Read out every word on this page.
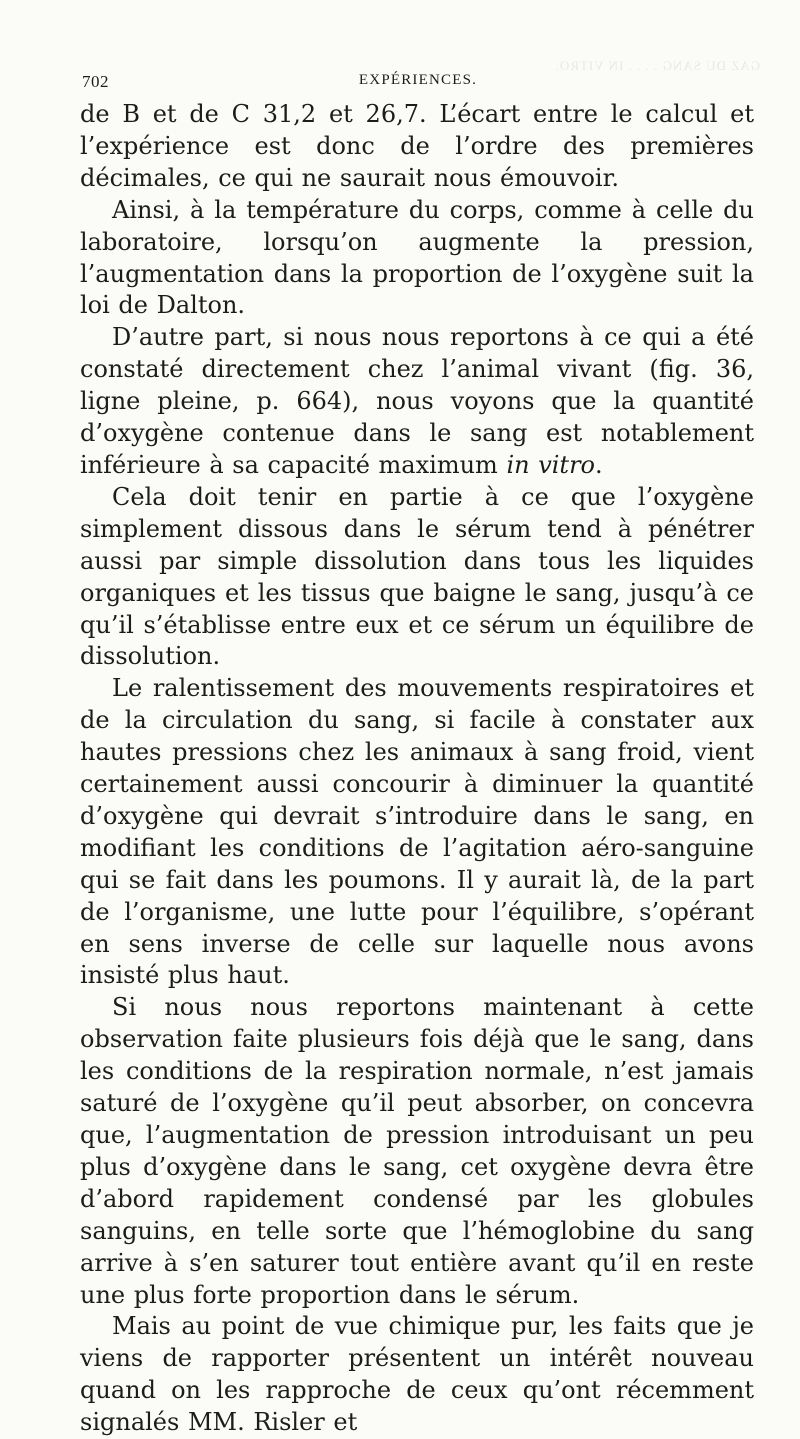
GAZ DU SANG . . . . IN VITRO.
702	EXPÉRIENCES.

de B et de C 31,2 et 26,7. L’écart entre le calcul et l’expérience est donc de l’ordre des premières décimales, ce qui ne saurait nous émouvoir.

Ainsi, à la température du corps, comme à celle du laboratoire, lorsqu’on augmente la pression, l’augmentation dans la proportion de l’oxygène suit la loi de Dalton.

D’autre part, si nous nous reportons à ce qui a été constaté directement chez l’animal vivant (fig. 36, ligne pleine, p. 664), nous voyons que la quantité d’oxygène contenue dans le sang est notablement inférieure à sa capacité maximum in vitro.

Cela doit tenir en partie à ce que l’oxygène simplement dissous dans le sérum tend à pénétrer aussi par simple dissolution dans tous les liquides organiques et les tissus que baigne le sang, jusqu’à ce qu’il s’établisse entre eux et ce sérum un équilibre de dissolution.

Le ralentissement des mouvements respiratoires et de la circulation du sang, si facile à constater aux hautes pressions chez les animaux à sang froid, vient certainement aussi concourir à diminuer la quantité d’oxygène qui devrait s’introduire dans le sang, en modifiant les conditions de l’agitation aéro-sanguine qui se fait dans les poumons. Il y aurait là, de la part de l’organisme, une lutte pour l’équilibre, s’opérant en sens inverse de celle sur laquelle nous avons insisté plus haut.

Si nous nous reportons maintenant à cette observation faite plusieurs fois déjà que le sang, dans les conditions de la respiration normale, n’est jamais saturé de l’oxygène qu’il peut absorber, on concevra que, l’augmentation de pression introduisant un peu plus d’oxygène dans le sang, cet oxygène devra être d’abord rapidement condensé par les globules sanguins, en telle sorte que l’hémoglobine du sang arrive à s’en saturer tout entière avant qu’il en reste une plus forte proportion dans le sérum.

Mais au point de vue chimique pur, les faits que je viens de rapporter présentent un intérêt nouveau quand on les rapproche de ceux qu’ont récemment signalés MM. Risler et
